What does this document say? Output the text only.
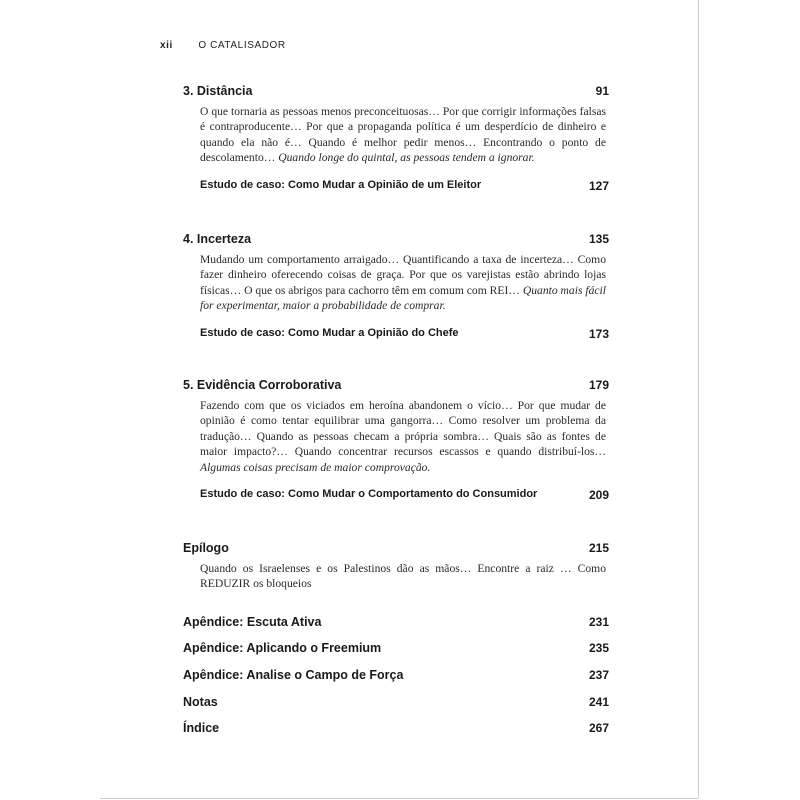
xii	O CATALISADOR
3. Distância	91
O que tornaria as pessoas menos preconceituosas… Por que corrigir informações falsas é contraproducente… Por que a propaganda política é um desperdício de dinheiro e quando ela não é… Quando é melhor pedir menos… Encontrando o ponto de descolamento… Quando longe do quintal, as pessoas tendem a ignorar.
Estudo de caso: Como Mudar a Opinião de um Eleitor	127
4. Incerteza	135
Mudando um comportamento arraigado… Quantificando a taxa de incerteza… Como fazer dinheiro oferecendo coisas de graça. Por que os varejistas estão abrindo lojas físicas… O que os abrigos para cachorro têm em comum com REI… Quanto mais fácil for experimentar, maior a probabilidade de comprar.
Estudo de caso: Como Mudar a Opinião do Chefe	173
5. Evidência Corroborativa	179
Fazendo com que os viciados em heroína abandonem o vício… Por que mudar de opinião é como tentar equilibrar uma gangorra… Como resolver um problema da tradução… Quando as pessoas checam a própria sombra… Quais são as fontes de maior impacto?… Quando concentrar recursos escassos e quando distribuí-los… Algumas coisas precisam de maior comprovação.
Estudo de caso: Como Mudar o Comportamento do Consumidor	209
Epílogo	215
Quando os Israelenses e os Palestinos dão as mãos… Encontre a raiz … Como REDUZIR os bloqueios
Apêndice: Escuta Ativa	231
Apêndice: Aplicando o Freemium	235
Apêndice: Analise o Campo de Força	237
Notas	241
Índice	267
